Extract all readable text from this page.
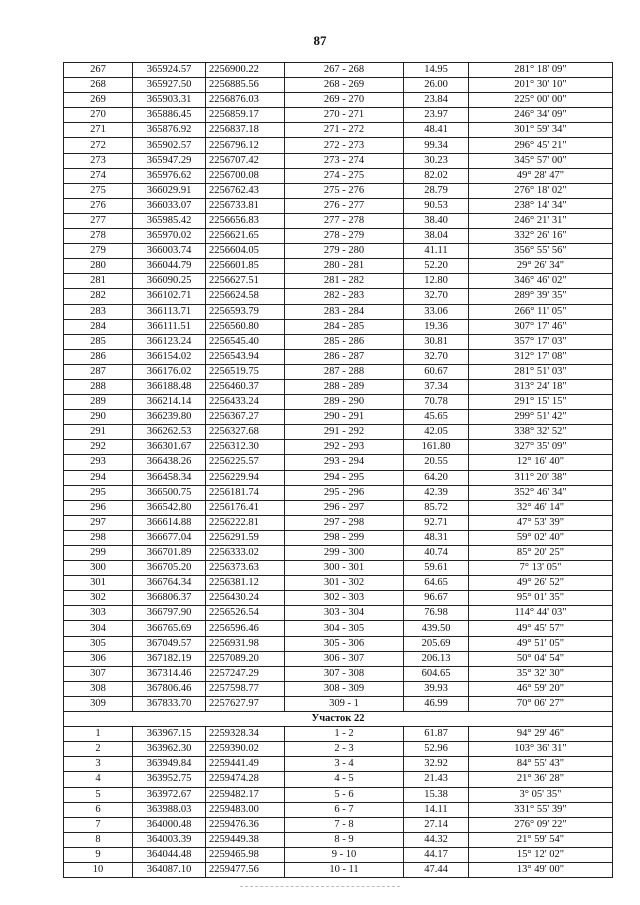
87
267	365924.57	2256900.22	267 - 268	14.95	281° 18' 09"
268	365927.50	2256885.56	268 - 269	26.00	201° 30' 10"
269	365903.31	2256876.03	269 - 270	23.84	225° 00' 00"
270	365886.45	2256859.17	270 - 271	23.97	246° 34' 09"
271	365876.92	2256837.18	271 - 272	48.41	301° 59' 34"
272	365902.57	2256796.12	272 - 273	99.34	296° 45' 21"
273	365947.29	2256707.42	273 - 274	30.23	345° 57' 00"
274	365976.62	2256700.08	274 - 275	82.02	49° 28' 47"
275	366029.91	2256762.43	275 - 276	28.79	276° 18' 02"
276	366033.07	2256733.81	276 - 277	90.53	238° 14' 34"
277	365985.42	2256656.83	277 - 278	38.40	246° 21' 31"
278	365970.02	2256621.65	278 - 279	38.04	332° 26' 16"
279	366003.74	2256604.05	279 - 280	41.11	356° 55' 56"
280	366044.79	2256601.85	280 - 281	52.20	29° 26' 34"
281	366090.25	2256627.51	281 - 282	12.80	346° 46' 02"
282	366102.71	2256624.58	282 - 283	32.70	289° 39' 35"
283	366113.71	2256593.79	283 - 284	33.06	266° 11' 05"
284	366111.51	2256560.80	284 - 285	19.36	307° 17' 46"
285	366123.24	2256545.40	285 - 286	30.81	357° 17' 03"
286	366154.02	2256543.94	286 - 287	32.70	312° 17' 08"
287	366176.02	2256519.75	287 - 288	60.67	281° 51' 03"
288	366188.48	2256460.37	288 - 289	37.34	313° 24' 18"
289	366214.14	2256433.24	289 - 290	70.78	291° 15' 15"
290	366239.80	2256367.27	290 - 291	45.65	299° 51' 42"
291	366262.53	2256327.68	291 - 292	42.05	338° 32' 52"
292	366301.67	2256312.30	292 - 293	161.80	327° 35' 09"
293	366438.26	2256225.57	293 - 294	20.55	12° 16' 40"
294	366458.34	2256229.94	294 - 295	64.20	311° 20' 38"
295	366500.75	2256181.74	295 - 296	42.39	352° 46' 34"
296	366542.80	2256176.41	296 - 297	85.72	32° 46' 14"
297	366614.88	2256222.81	297 - 298	92.71	47° 53' 39"
298	366677.04	2256291.59	298 - 299	48.31	59° 02' 40"
299	366701.89	2256333.02	299 - 300	40.74	85° 20' 25"
300	366705.20	2256373.63	300 - 301	59.61	7° 13' 05"
301	366764.34	2256381.12	301 - 302	64.65	49° 26' 52"
302	366806.37	2256430.24	302 - 303	96.67	95° 01' 35"
303	366797.90	2256526.54	303 - 304	76.98	114° 44' 03"
304	366765.69	2256596.46	304 - 305	439.50	49° 45' 57"
305	367049.57	2256931.98	305 - 306	205.69	49° 51' 05"
306	367182.19	2257089.20	306 - 307	206.13	50° 04' 54"
307	367314.46	2257247.29	307 - 308	604.65	35° 32' 30"
308	367806.46	2257598.77	308 - 309	39.93	46° 59' 20"
309	367833.70	2257627.97	309 - 1	46.99	70° 06' 27"
Участок 22					
1	363967.15	2259328.34	1 - 2	61.87	94° 29' 46"
2	363962.30	2259390.02	2 - 3	52.96	103° 36' 31"
3	363949.84	2259441.49	3 - 4	32.92	84° 55' 43"
4	363952.75	2259474.28	4 - 5	21.43	21° 36' 28"
5	363972.67	2259482.17	5 - 6	15.38	3° 05' 35"
6	363988.03	2259483.00	6 - 7	14.11	331° 55' 39"
7	364000.48	2259476.36	7 - 8	27.14	276° 09' 22"
8	364003.39	2259449.38	8 - 9	44.32	21° 59' 54"
9	364044.48	2259465.98	9 - 10	44.17	15° 12' 02"
10	364087.10	2259477.56	10 - 11	47.44	13° 49' 00"
